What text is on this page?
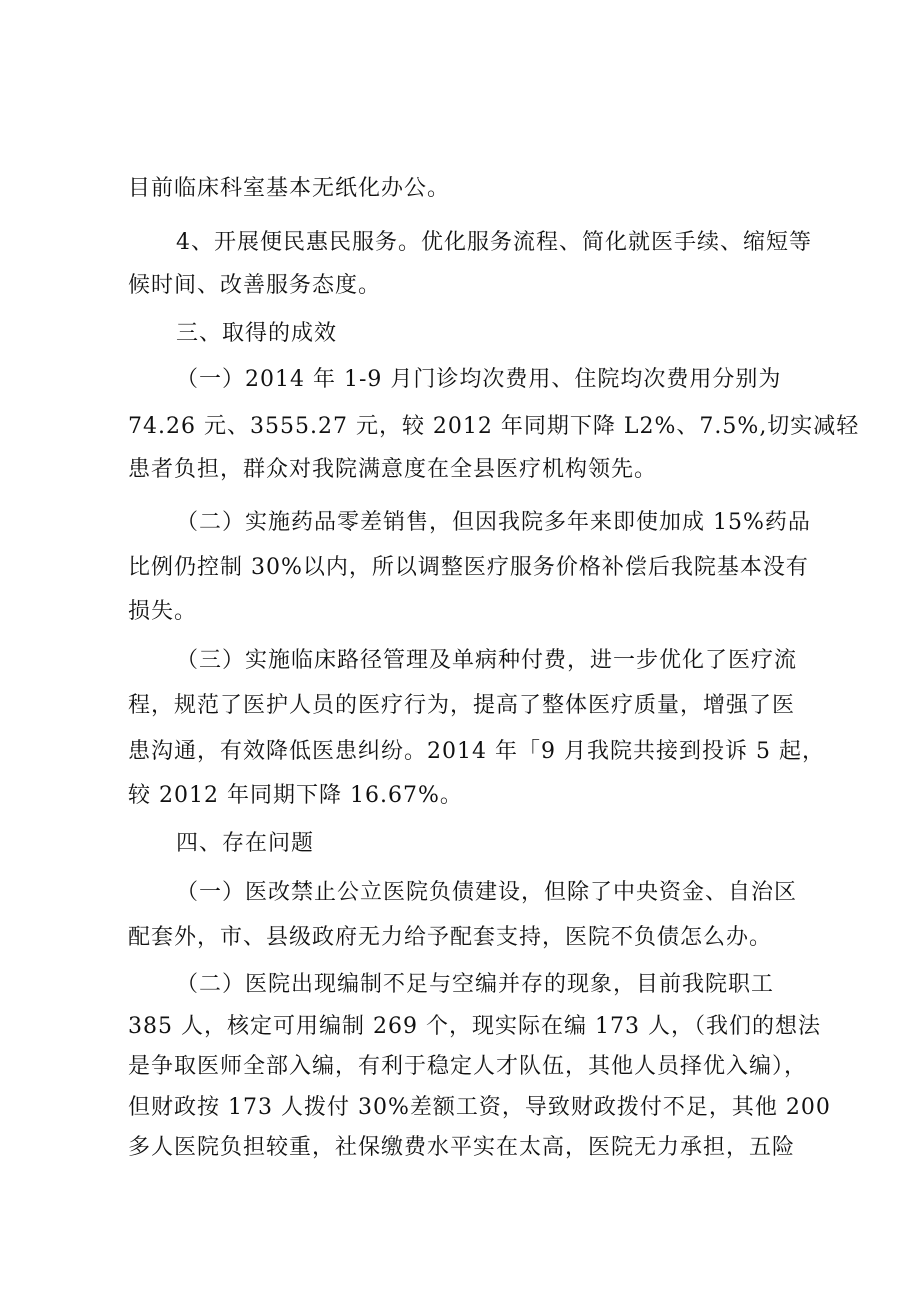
目前临床科室基本无纸化办公。
4、开展便民惠民服务。优化服务流程、简化就医手续、缩短等
候时间、改善服务态度。
三、取得的成效
（一）2014 年 1-9 月门诊均次费用、住院均次费用分别为
74.26 元、3555.27 元，较 2012 年同期下降 L2%、7.5%,切实减轻
患者负担，群众对我院满意度在全县医疗机构领先。
（二）实施药品零差销售，但因我院多年来即使加成 15%药品
比例仍控制 30%以内，所以调整医疗服务价格补偿后我院基本没有
损失。
（三）实施临床路径管理及单病种付费，进一步优化了医疗流
程，规范了医护人员的医疗行为，提高了整体医疗质量，增强了医
患沟通，有效降低医患纠纷。2014 年「9 月我院共接到投诉 5 起，
较 2012 年同期下降 16.67%。
四、存在问题
（一）医改禁止公立医院负债建设，但除了中央资金、自治区
配套外，市、县级政府无力给予配套支持，医院不负债怎么办。
（二）医院出现编制不足与空编并存的现象，目前我院职工
385 人，核定可用编制 269 个，现实际在编 173 人，（我们的想法
是争取医师全部入编，有利于稳定人才队伍，其他人员择优入编），
但财政按 173 人拨付 30%差额工资，导致财政拨付不足，其他 200
多人医院负担较重，社保缴费水平实在太高，医院无力承担，五险
